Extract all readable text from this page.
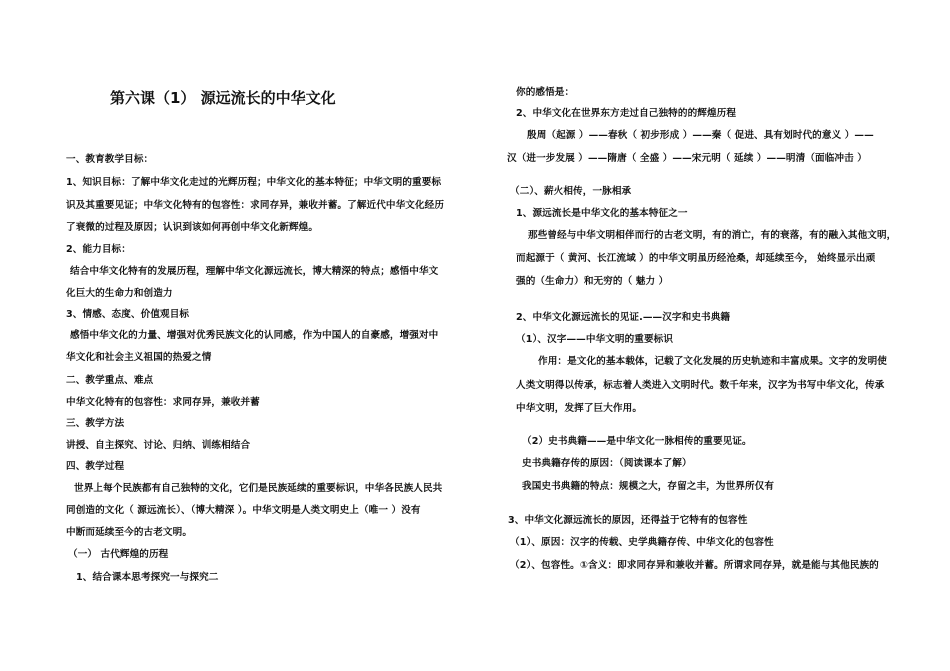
第六课（1） 源远流长的中华文化
一、教育教学目标：
1、知识目标：了解中华文化走过的光辉历程；中华文化的基本特征；中华文明的重要标
识及其重要见证；中华文化特有的包容性：求同存异，兼收并蓄。了解近代中华文化经历
了衰微的过程及原因；认识到该如何再创中华文化新辉煌。
2、能力目标：
结合中华文化特有的发展历程，理解中华文化源远流长，博大精深的特点；感悟中华文
化巨大的生命力和创造力
3、情感、态度、价值观目标
感悟中华文化的力量、增强对优秀民族文化的认同感，作为中国人的自豪感，增强对中
华文化和社会主义祖国的热爱之情
二、教学重点、难点
中华文化特有的包容性：求同存异，兼收并蓄
三、教学方法
讲授、自主探究、讨论、归纳、训练相结合
四、教学过程
世界上每个民族都有自己独特的文化，它们是民族延续的重要标识，中华各民族人民共
同创造的文化（ 源远流长）、（博大精深 ）。中华文明是人类文明史上（唯一 ）没有
中断而延续至今的古老文明。
（一） 古代辉煌的历程
1、结合课本思考探究一与探究二
你的感悟是：
2、中华文化在世界东方走过自己独特的的辉煌历程
殷周（起源 ）——春秋（ 初步形成 ）——秦（ 促进、具有划时代的意义 ）——
汉（进一步发展 ）——隋唐（ 全盛 ）——宋元明（ 延续 ）——明清（面临冲击 ）
（二）、薪火相传，一脉相承
1、源远流长是中华文化的基本特征之一
那些曾经与中华文明相伴而行的古老文明，有的消亡，有的衰落，有的融入其他文明，
而起源于（ 黄河、长江流域 ）的中华文明虽历经沧桑，却延续至今， 始终显示出顽
强的（生命力）和无穷的（ 魅力 ）
2、中华文化源远流长的见证.——汉字和史书典籍
（1）、汉字——中华文明的重要标识
作用：是文化的基本载体，记载了文化发展的历史轨迹和丰富成果。文字的发明使
人类文明得以传承，标志着人类进入文明时代。数千年来，汉字为书写中华文化，传承
中华文明，发挥了巨大作用。
（2）史书典籍——是中华文化一脉相传的重要见证。
史书典籍存传的原因：（阅读课本了解）
我国史书典籍的特点：规模之大，存留之丰，为世界所仅有
3、中华文化源远流长的原因，还得益于它特有的包容性
（1）、原因：汉字的传载、史学典籍存传、中华文化的包容性
（2）、包容性。①含义：即求同存异和兼收并蓄。所谓求同存异，就是能与其他民族的
